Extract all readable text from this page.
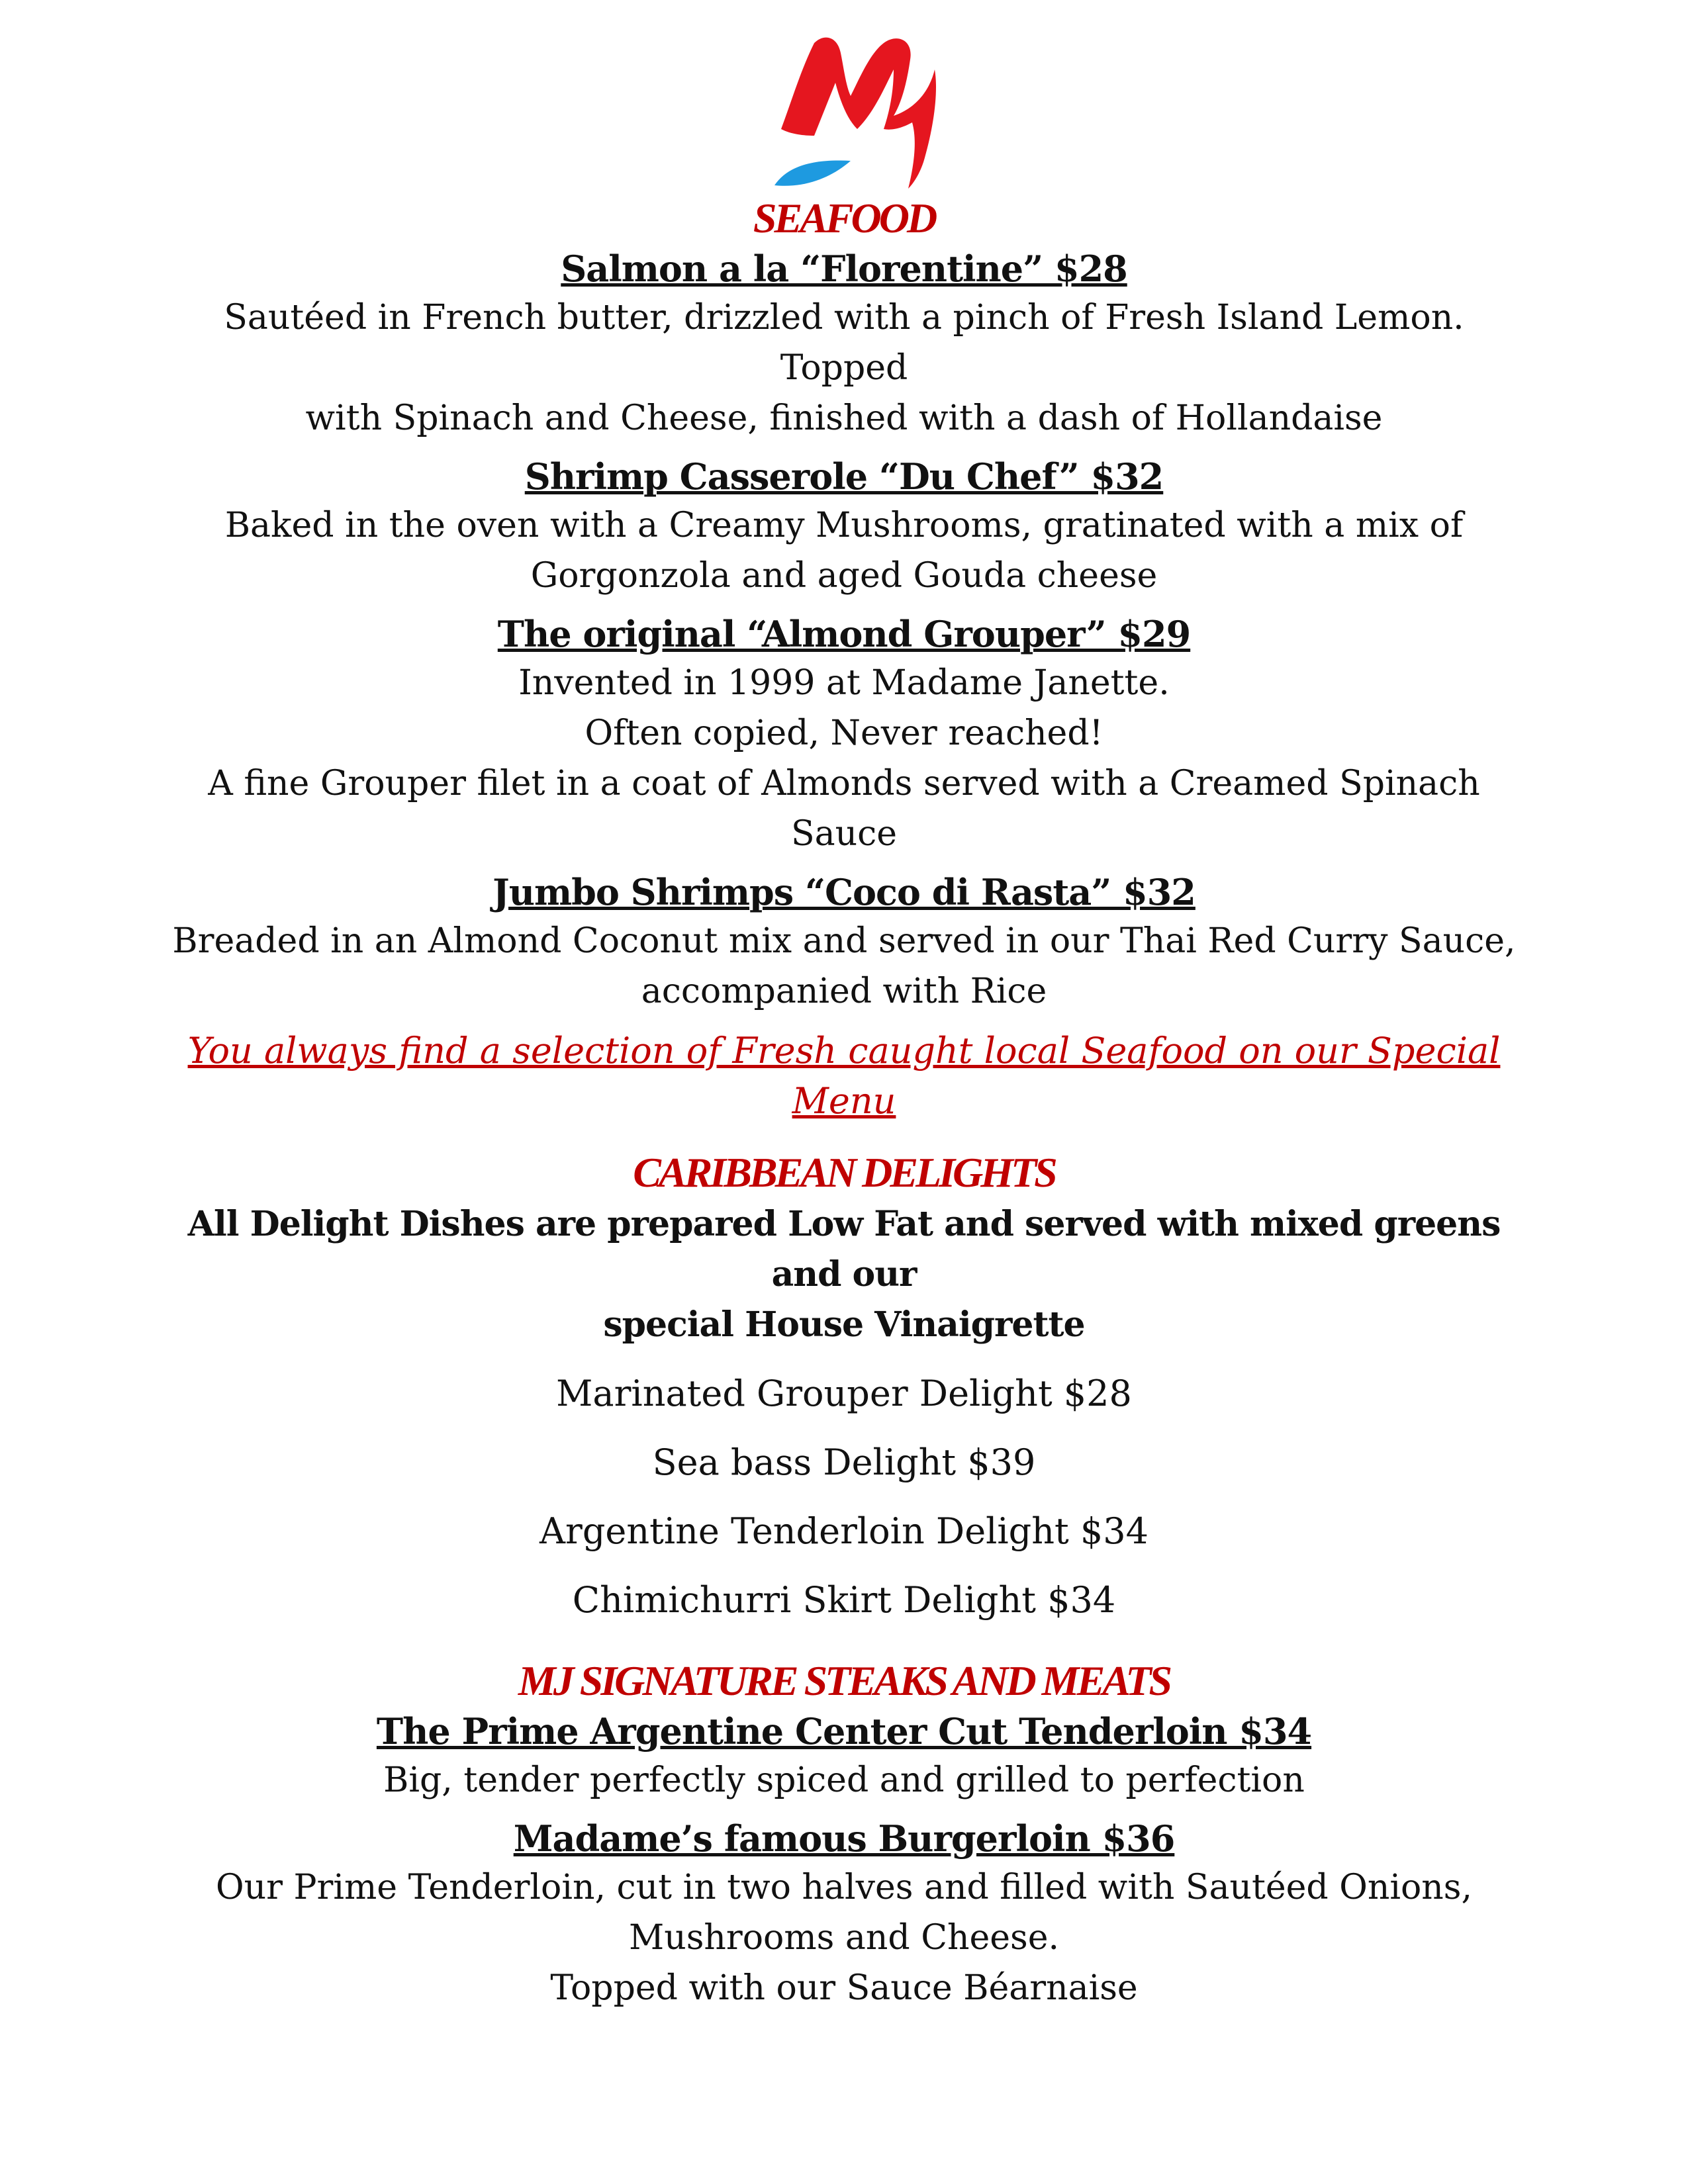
SEAFOOD

Salmon a la “Florentine” $28

Sautéed in French butter, drizzled with a pinch of Fresh Island Lemon. Topped
with Spinach and Cheese, finished with a dash of Hollandaise

Shrimp Casserole “Du Chef” $32

Baked in the oven with a Creamy Mushrooms, gratinated with a mix of
Gorgonzola and aged Gouda cheese

The original “Almond Grouper” $29

Invented in 1999 at Madame Janette.
Often copied, Never reached!
A fine Grouper filet in a coat of Almonds served with a Creamed Spinach
Sauce

Jumbo Shrimps “Coco di Rasta” $32

Breaded in an Almond Coconut mix and served in our Thai Red Curry Sauce,
accompanied with Rice

You always find a selection of Fresh caught local Seafood on our Special Menu

CARIBBEAN DELIGHTS

All Delight Dishes are prepared Low Fat and served with mixed greens and our
special House Vinaigrette

Marinated Grouper Delight $28

Sea bass Delight $39

Argentine Tenderloin Delight $34

Chimichurri Skirt Delight $34

MJ SIGNATURE STEAKS AND MEATS

The Prime Argentine Center Cut Tenderloin $34

Big, tender perfectly spiced and grilled to perfection

Madame’s famous Burgerloin $36

Our Prime Tenderloin, cut in two halves and filled with Sautéed Onions,
Mushrooms and Cheese.
Topped with our Sauce Béarnaise
